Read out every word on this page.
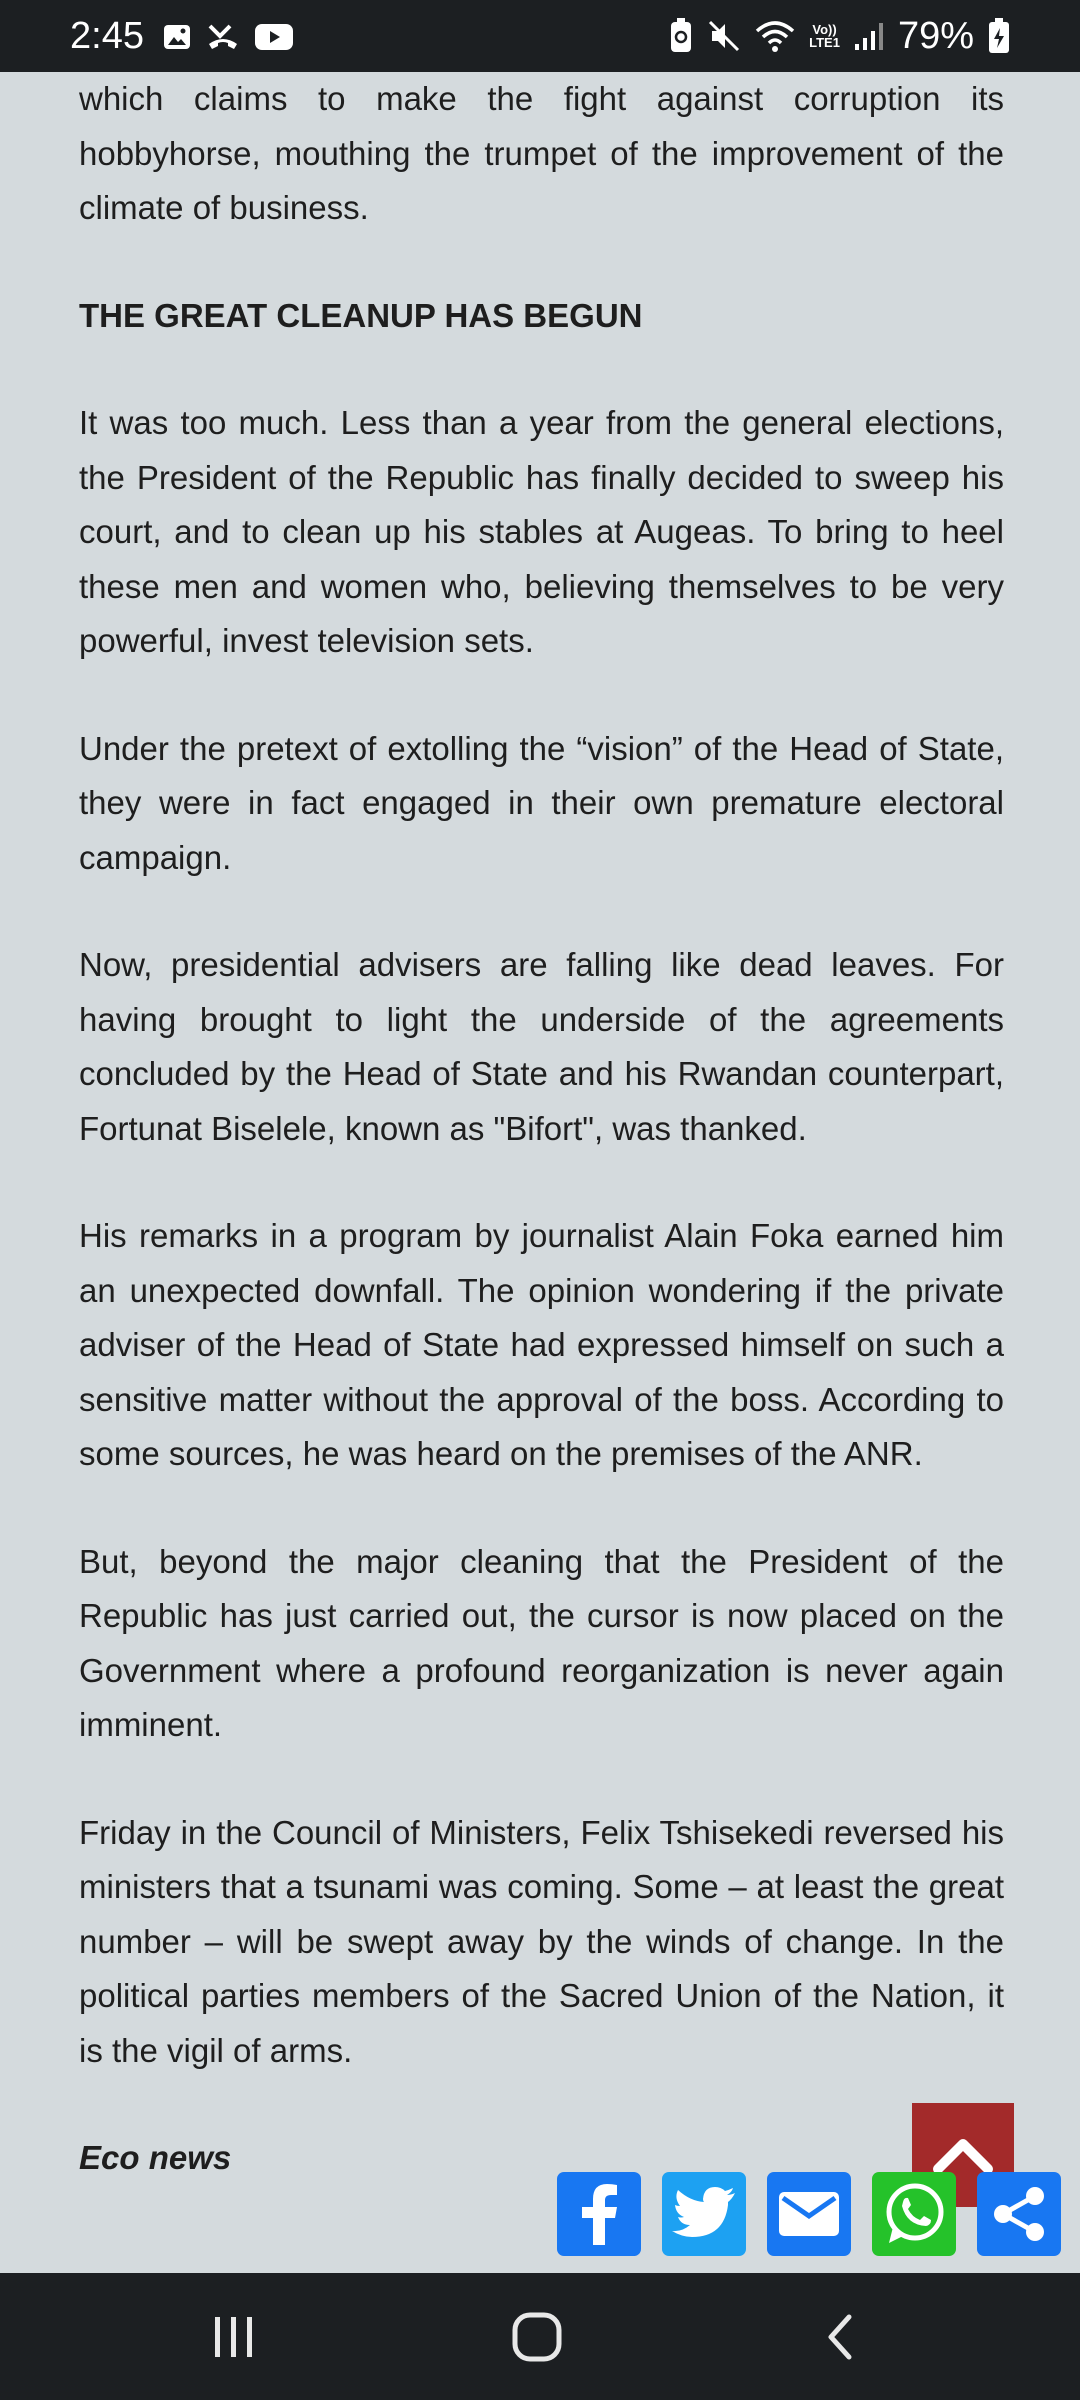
2:45	Vo))
LTE1 79%

which claims to make the fight against corruption its hobbyhorse, mouthing the trumpet of the improvement of the climate of business.

THE GREAT CLEANUP HAS BEGUN

It was too much. Less than a year from the general elections, the President of the Republic has finally decided to sweep his court, and to clean up his stables at Augeas. To bring to heel these men and women who, believing themselves to be very powerful, invest television sets.

Under the pretext of extolling the “vision” of the Head of State, they were in fact engaged in their own premature electoral campaign.

Now, presidential advisers are falling like dead leaves. For having brought to light the underside of the agreements concluded by the Head of State and his Rwandan counterpart, Fortunat Biselele, known as "Bifort", was thanked.

His remarks in a program by journalist Alain Foka earned him an unexpected downfall. The opinion wondering if the private adviser of the Head of State had expressed himself on such a sensitive matter without the approval of the boss. According to some sources, he was heard on the premises of the ANR.

But, beyond the major cleaning that the President of the Republic has just carried out, the cursor is now placed on the Government where a profound reorganization is never again imminent.

Friday in the Council of Ministers, Felix Tshisekedi reversed his ministers that a tsunami was coming. Some – at least the great number – will be swept away by the winds of change. In the political parties members of the Sacred Union of the Nation, it is the vigil of arms.

Eco news
